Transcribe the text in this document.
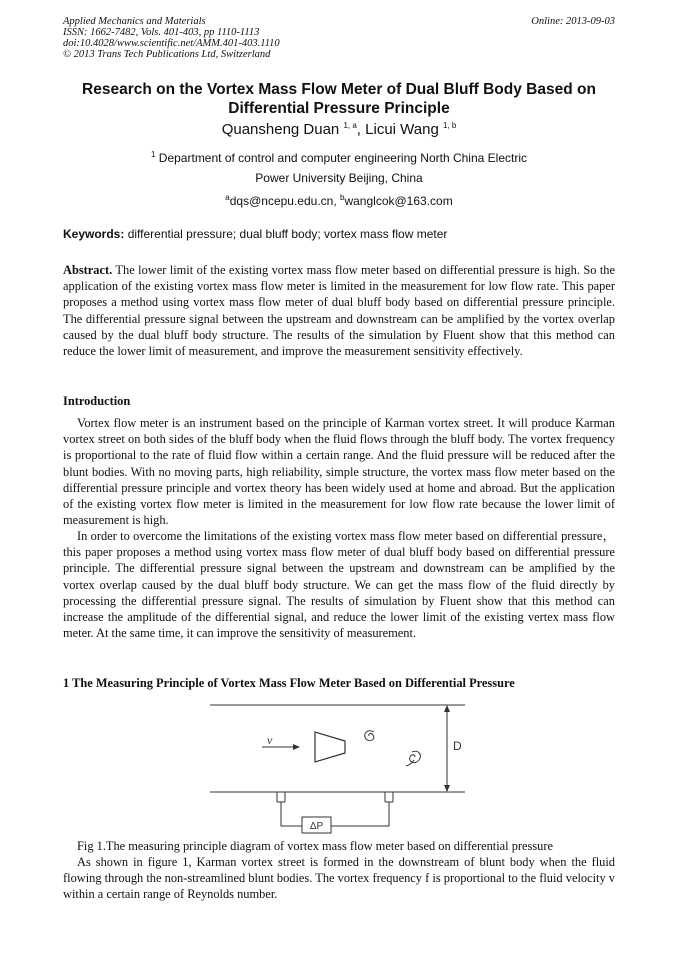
Applied Mechanics and Materials
ISSN: 1662-7482, Vols. 401-403, pp 1110-1113
doi:10.4028/www.scientific.net/AMM.401-403.1110
© 2013 Trans Tech Publications Ltd, Switzerland
Online: 2013-09-03
Research on the Vortex Mass Flow Meter of Dual Bluff Body Based on
Differential Pressure Principle
Quansheng Duan $^{1, a}$, Licui Wang $^{1, b}$
$^1$ Department of control and computer engineering North China Electric
Power University Beijing, China
$^a$dqs@ncepu.edu.cn, $^b$wanglcok@163.com
Keywords: differential pressure; dual bluff body; vortex mass flow meter
Abstract. The lower limit of the existing vortex mass flow meter based on differential pressure is high. So the application of the existing vortex mass flow meter is limited in the measurement for low flow rate. This paper proposes a method using vortex mass flow meter of dual bluff body based on differential pressure principle. The differential pressure signal between the upstream and downstream can be amplified by the vortex overlap caused by the dual bluff body structure. The results of the simulation by Fluent show that this method can reduce the lower limit of measurement, and improve the measurement sensitivity effectively.
Introduction
Vortex flow meter is an instrument based on the principle of Karman vortex street. It will produce Karman vortex street on both sides of the bluff body when the fluid flows through the bluff body. The vortex frequency is proportional to the rate of fluid flow within a certain range. And the fluid pressure will be reduced after the blunt bodies. With no moving parts, high reliability, simple structure, the vortex mass flow meter based on the differential pressure principle and vortex theory has been widely used at home and abroad. But the application of the existing vortex flow meter is limited in the measurement for low flow rate because the lower limit of measurement is high.
In order to overcome the limitations of the existing vortex mass flow meter based on differential pressure，this paper proposes a method using vortex mass flow meter of dual bluff body based on differential pressure principle. The differential pressure signal between the upstream and downstream can be amplified by the vortex overlap caused by the dual bluff body structure. We can get the mass flow of the fluid directly by processing the differential pressure signal. The results of simulation by Fluent show that this method can increase the amplitude of the differential signal, and reduce the lower limit of the existing vertex mass flow meter. At the same time, it can improve the sensitivity of measurement.
1 The Measuring Principle of Vortex Mass Flow Meter Based on Differential Pressure
D
v
ΔP
Fig 1.The measuring principle diagram of vortex mass flow meter based on differential pressure
As shown in figure 1, Karman vortex street is formed in the downstream of blunt body when the fluid flowing through the non-streamlined blunt bodies. The vortex frequency f is proportional to the fluid velocity v within a certain range of Reynolds number.
